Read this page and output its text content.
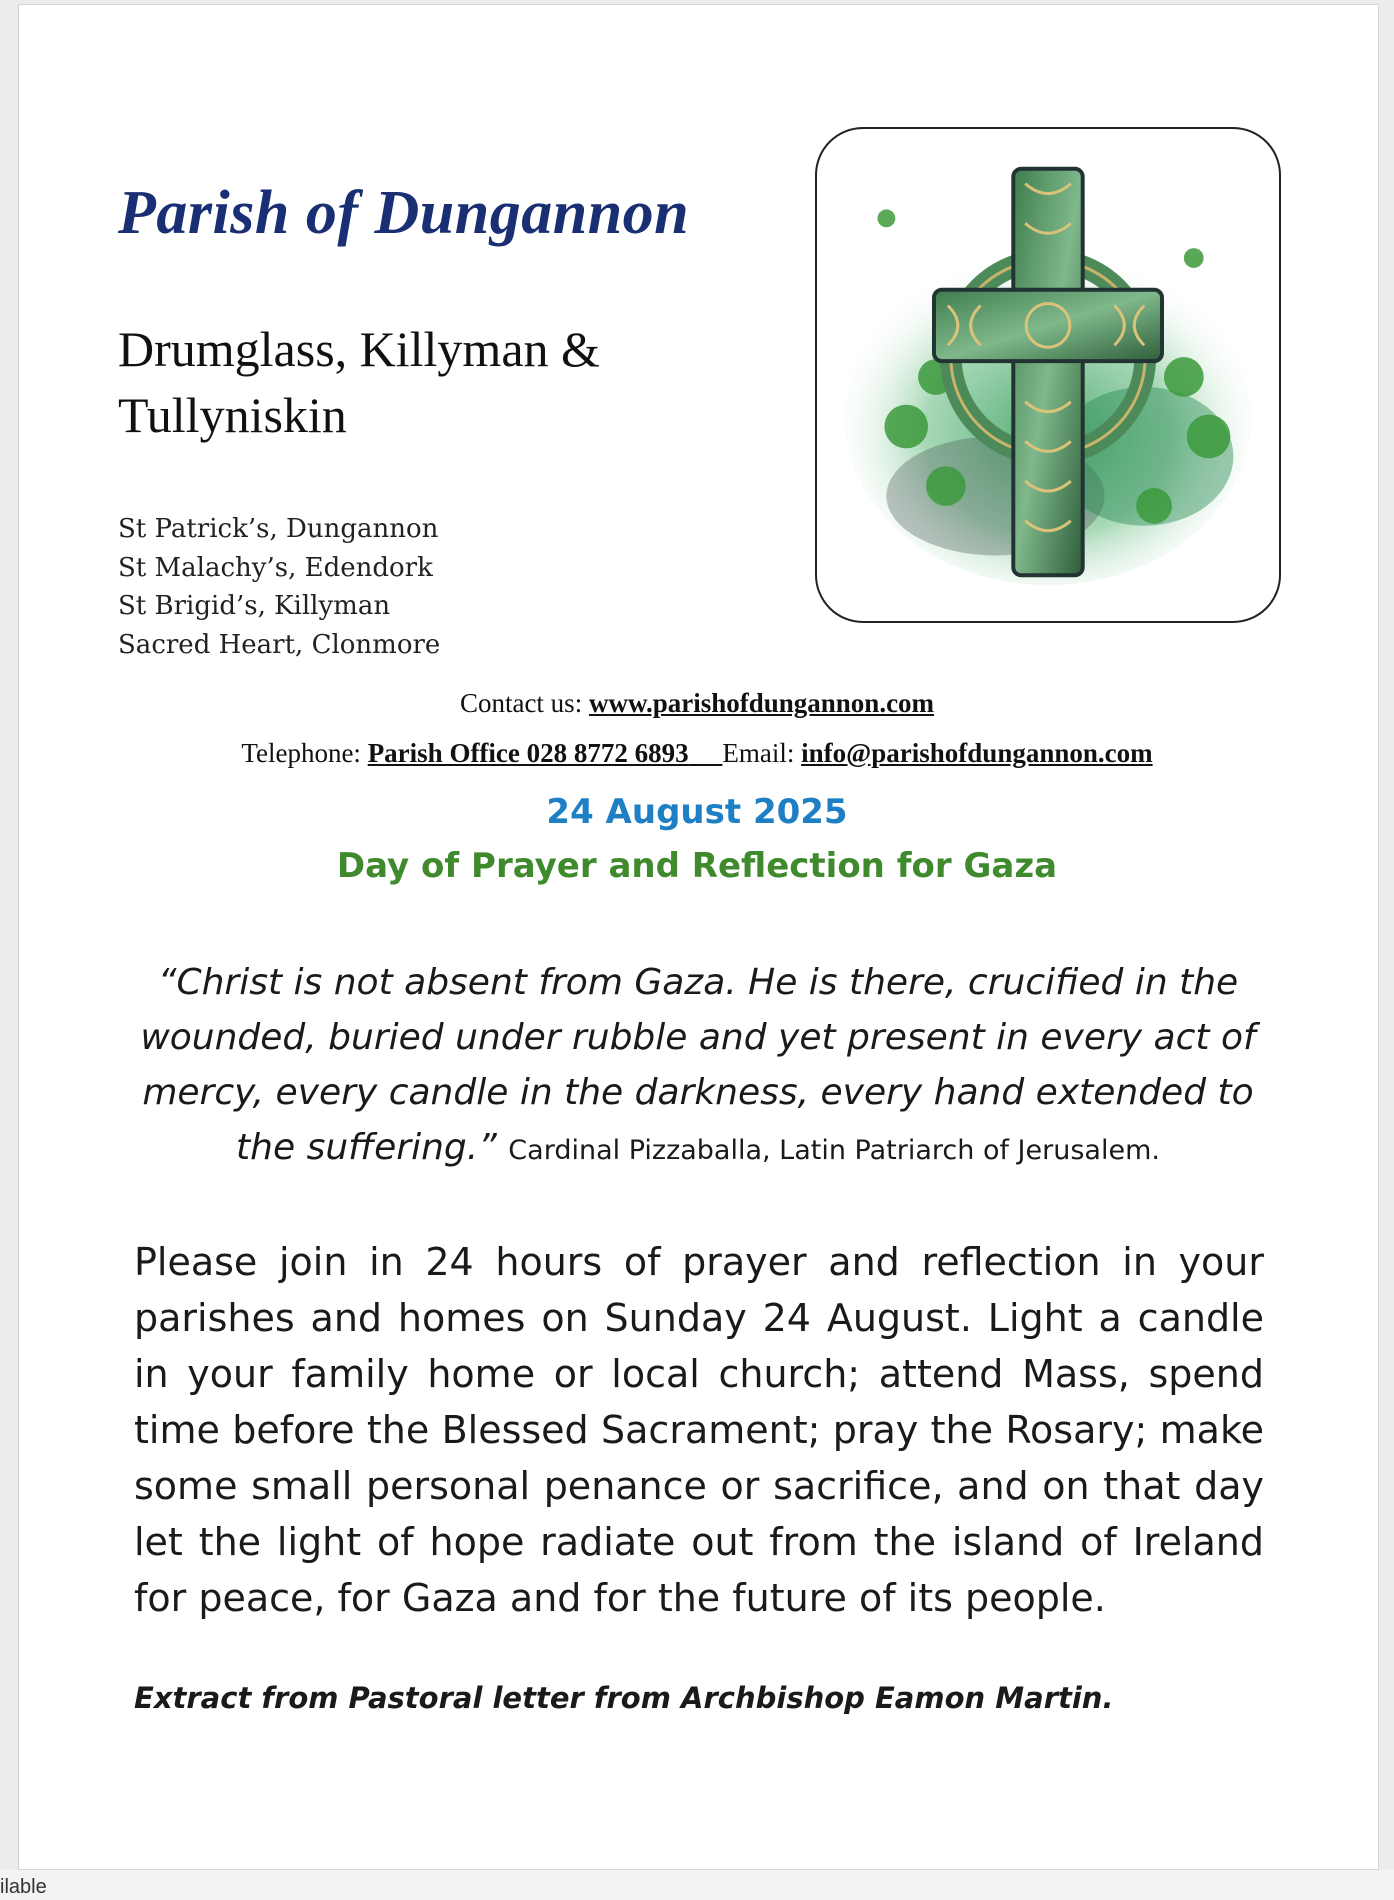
Parish of Dungannon
Drumglass, Killyman & Tullyniskin
St Patrick’s, Dungannon
St Malachy’s, Edendork
St Brigid’s, Killyman
Sacred Heart, Clonmore
Contact us: www.parishofdungannon.com
Telephone: Parish Office 028 8772 6893 Email: info@parishofdungannon.com
24 August 2025
Day of Prayer and Reflection for Gaza
“Christ is not absent from Gaza. He is there, crucified in the wounded, buried under rubble and yet present in every act of mercy, every candle in the darkness, every hand extended to the suffering.” Cardinal Pizzaballa, Latin Patriarch of Jerusalem.
Please join in 24 hours of prayer and reflection in your parishes and homes on Sunday 24 August. Light a candle in your family home or local church; attend Mass, spend time before the Blessed Sacrament; pray the Rosary; make some small personal penance or sacrifice, and on that day let the light of hope radiate out from the island of Ireland for peace, for Gaza and for the future of its people.
Extract from Pastoral letter from Archbishop Eamon Martin.
ilable
